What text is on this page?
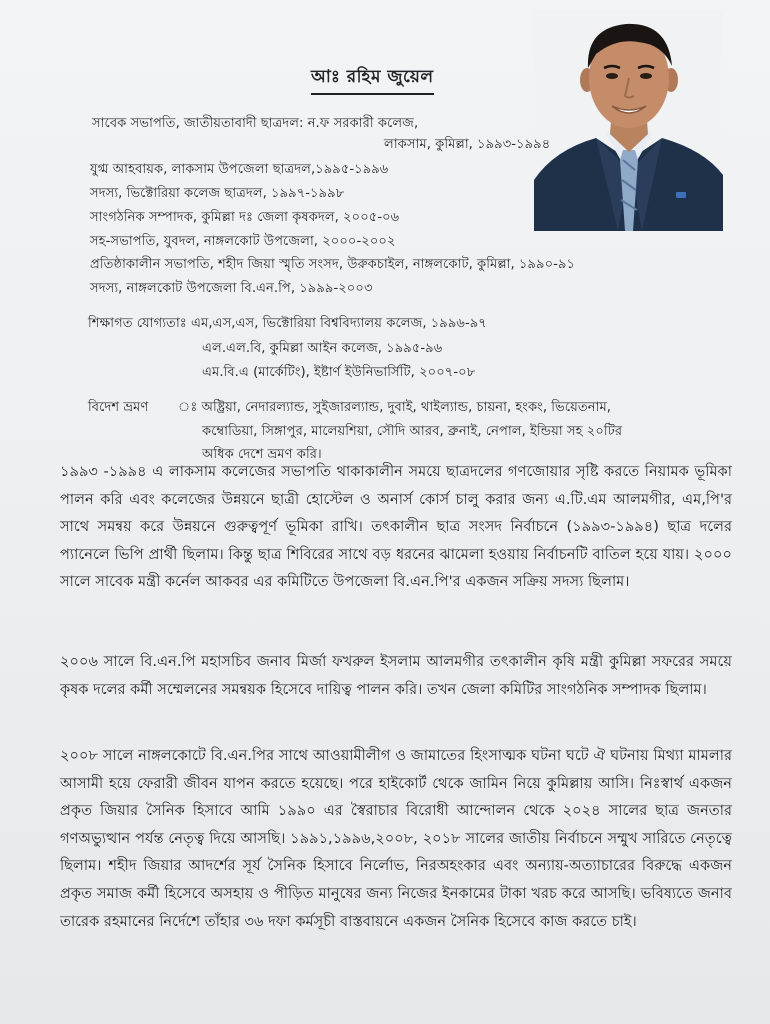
আঃ রহিম জুয়েল
সাবেক সভাপতি, জাতীয়তাবাদী ছাত্রদল: ন.ফ সরকারী কলেজ,
লাকসাম, কুমিল্লা, ১৯৯৩-১৯৯৪
যুগ্ম আহবায়ক, লাকসাম উপজেলা ছাত্রদল,১৯৯৫-১৯৯৬
সদস্য, ভিক্টোরিয়া কলেজ ছাত্রদল, ১৯৯৭-১৯৯৮
সাংগঠনিক সম্পাদক, কুমিল্লা দঃ জেলা কৃষকদল, ২০০৫-০৬
সহ-সভাপতি, যুবদল, নাঙ্গলকোট উপজেলা, ২০০০-২০০২
প্রতিষ্ঠাকালীন সভাপতি, শহীদ জিয়া স্মৃতি সংসদ, উরুকচাইল, নাঙ্গলকোট, কুমিল্লা, ১৯৯০-৯১
সদস্য, নাঙ্গলকোট উপজেলা বি.এন.পি, ১৯৯৯-২০০৩
শিক্ষাগত যোগ্যতাঃ এম,এস,এস, ভিক্টোরিয়া বিশ্ববিদ্যালয় কলেজ, ১৯৯৬-৯৭
এল.এল.বি, কুমিল্লা আইন কলেজ, ১৯৯৫-৯৬
এম.বি.এ (মার্কেটিং), ইষ্টার্ণ ইউনিভার্সিটি, ২০০৭-০৮
বিদেশ ভ্রমণ ঃ অষ্ট্রিয়া, নেদারল্যান্ড, সুইজারল্যান্ড, দুবাই, থাইল্যান্ড, চায়না, হংকং, ভিয়েতনাম,
কম্বোডিয়া, সিঙ্গাপুর, মালেয়শিয়া, সৌদি আরব, ব্রুনাই, নেপাল, ইন্ডিয়া সহ ২০টির
অধিক দেশে ভ্রমণ করি।

১৯৯৩ -১৯৯৪ এ লাকসাম কলেজের সভাপতি থাকাকালীন সময়ে ছাত্রদলের গণজোয়ার সৃষ্টি করতে নিয়ামক ভূমিকা পালন করি এবং কলেজের উন্নয়নে ছাত্রী হোস্টেল ও অনার্স কোর্স চালু করার জন্য এ.টি.এম আলমগীর, এম,পি'র সাথে সমন্বয় করে উন্নয়নে গুরুত্বপূর্ণ ভূমিকা রাখি। তৎকালীন ছাত্র সংসদ নির্বাচনে (১৯৯৩-১৯৯৪) ছাত্র দলের প্যানেলে ভিপি প্রার্থী ছিলাম। কিন্তু ছাত্র শিবিরের সাথে বড় ধরনের ঝামেলা হওয়ায় নির্বাচনটি বাতিল হয়ে যায়। ২০০০ সালে সাবেক মন্ত্রী কর্নেল আকবর এর কমিটিতে উপজেলা বি.এন.পি'র একজন সক্রিয় সদস্য ছিলাম।

২০০৬ সালে বি.এন.পি মহাসচিব জনাব মির্জা ফখরুল ইসলাম আলমগীর তৎকালীন কৃষি মন্ত্রী কুমিল্লা সফরের সময়ে কৃষক দলের কর্মী সম্মেলনের সমন্বয়ক হিসেবে দায়িত্ব পালন করি। তখন জেলা কমিটির সাংগঠনিক সম্পাদক ছিলাম।

২০০৮ সালে নাঙ্গলকোটে বি.এন.পির সাথে আওয়ামীলীগ ও জামাতের হিংসাত্মক ঘটনা ঘটে ঐ ঘটনায় মিথ্যা মামলার আসামী হয়ে ফেরারী জীবন যাপন করতে হয়েছে। পরে হাইকোর্ট থেকে জামিন নিয়ে কুমিল্লায় আসি। নিঃস্বার্থ একজন প্রকৃত জিয়ার সৈনিক হিসাবে আমি ১৯৯০ এর স্বৈরাচার বিরোধী আন্দোলন থেকে ২০২৪ সালের ছাত্র জনতার গণঅভ্যুত্থান পর্যন্ত নেতৃত্ব দিয়ে আসছি। ১৯৯১,১৯৯৬,২০০৮, ২০১৮ সালের জাতীয় নির্বাচনে সম্মুখ সারিতে নেতৃত্বে ছিলাম। শহীদ জিয়ার আদর্শের সূর্য সৈনিক হিসাবে নির্লোভ, নিরঅহংকার এবং অন্যায়-অত্যাচারের বিরুদ্ধে একজন প্রকৃত সমাজ কর্মী হিসেবে অসহায় ও পীড়িত মানুষের জন্য নিজের ইনকামের টাকা খরচ করে আসছি। ভবিষ্যতে জনাব তারেক রহমানের নির্দেশে তাঁহার ৩৬ দফা কর্মসূচী বাস্তবায়নে একজন সৈনিক হিসেবে কাজ করতে চাই।
